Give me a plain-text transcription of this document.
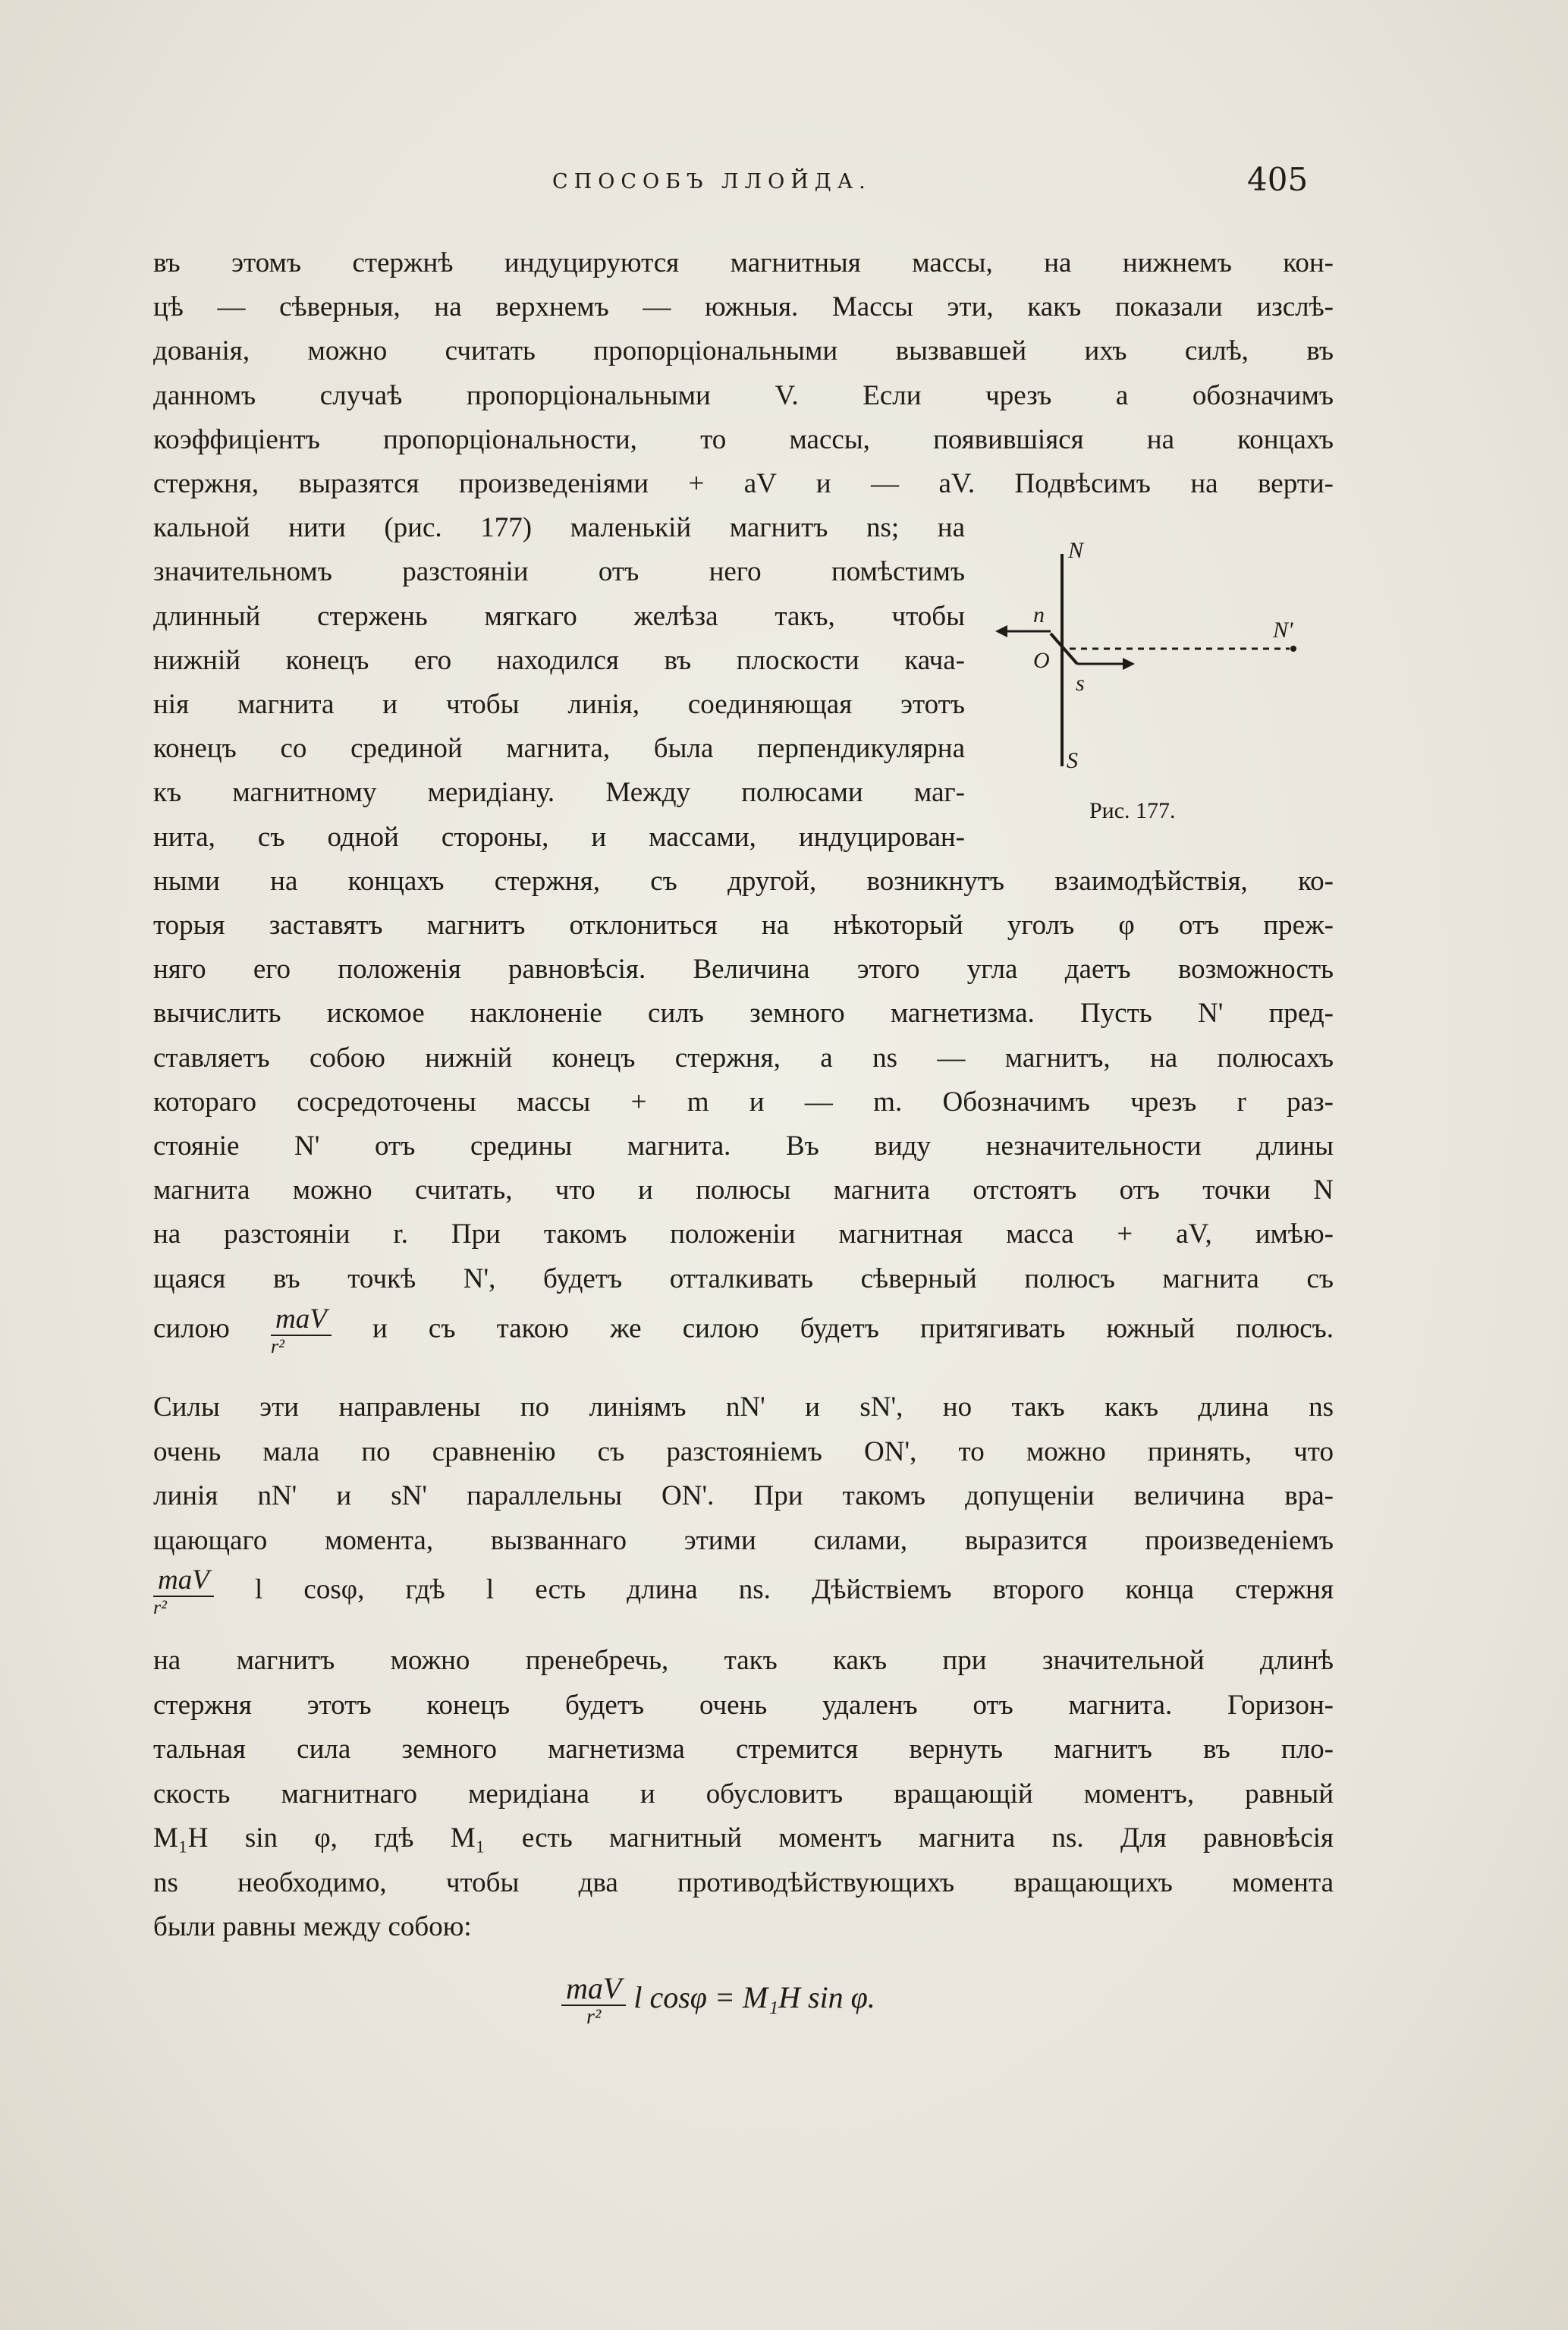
СПОСОБЪ ЛЛОЙДА.	405
въ этомъ стержнѣ индуцируются магнитныя массы, на нижнемъ кон-
цѣ — сѣверныя, на верхнемъ — южныя. Массы эти, какъ показали изслѣ-
дованія, можно считать пропорціональными вызвавшей ихъ силѣ, въ
данномъ случаѣ пропорціональными V. Если чрезъ a обозначимъ
коэффиціентъ пропорціональности, то массы, появившіяся на концахъ
стержня, выразятся произведеніями + aV и — aV. Подвѣсимъ на верти-
кальной нити (рис. 177) маленькій магнитъ ns; на
значительномъ разстояніи отъ него помѣстимъ
длинный стержень мягкаго желѣза такъ, чтобы
нижній конецъ его находился въ плоскости кача-
нія магнита и чтобы линія, соединяющая этотъ
конецъ со срединой магнита, была перпендикулярна
къ магнитному меридіану. Между полюсами маг-
нита, съ одной стороны, и массами, индуцирован-
ными на концахъ стержня, съ другой, возникнутъ взаимодѣйствія, ко-
торыя заставятъ магнитъ отклониться на нѣкоторый уголъ φ отъ преж-
няго его положенія равновѣсія. Величина этого угла даетъ возможность
вычислить искомое наклоненіе силъ земного магнетизма. Пусть N' пред-
ставляетъ собою нижній конецъ стержня, а ns — магнитъ, на полюсахъ
котораго сосредоточены массы + m и — m. Обозначимъ чрезъ r раз-
стояніе N' отъ средины магнита. Въ виду незначительности длины
магнита можно считать, что и полюсы магнита отстоятъ отъ точки N
на разстояніи r. При такомъ положеніи магнитная масса + aV, имѣю-
щаяся въ точкѣ N', будетъ отталкивать сѣверный полюсъ магнита съ
силою $\frac{\text{maV}}{\text{r²}}$ и съ такою же силою будетъ притягивать южный полюсъ.
Силы эти направлены по линіямъ nN' и sN', но такъ какъ длина ns
очень мала по сравненію съ разстояніемъ ON', то можно принять, что
линія nN' и sN' параллельны ON'. При такомъ допущеніи величина вра-
щающаго момента, вызваннаго этими силами, выразится произведеніемъ
$\frac{\text{maV}}{\text{r²}}$ l cosφ, гдѣ l есть длина ns. Дѣйствіемъ второго конца стержня
на магнитъ можно пренебречь, такъ какъ при значительной длинѣ
стержня этотъ конецъ будетъ очень удаленъ отъ магнита. Горизон-
тальная сила земного магнетизма стремится вернуть магнитъ въ пло-
скость магнитнаго меридіана и обусловитъ вращающій моментъ, равный
M₁H sin φ, гдѣ M₁ есть магнитный моментъ магнита ns. Для равновѣсія
ns необходимо, чтобы два противодѣйствующихъ вращающихъ момента
были равны между собою:
$\frac{\text{maV}}{\text{r²}}$ l cosφ = M₁H sin φ.
N
N'
n
O
s
S
Рис. 177.
